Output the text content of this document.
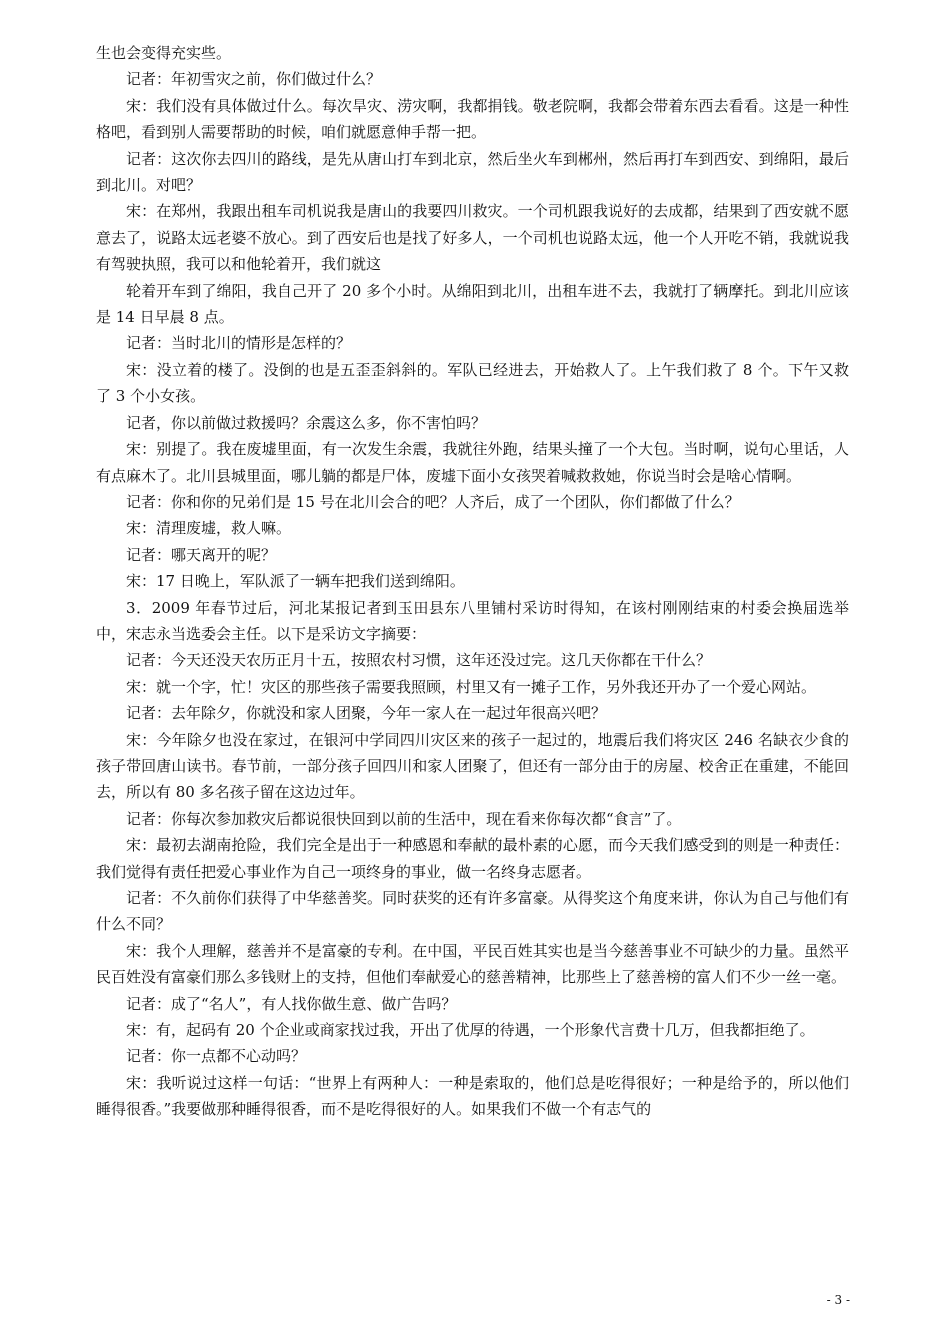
生也会变得充实些。

记者：年初雪灾之前，你们做过什么？

宋：我们没有具体做过什么。每次旱灾、涝灾啊，我都捐钱。敬老院啊，我都会带着东西去看看。这是一种性格吧，看到别人需要帮助的时候，咱们就愿意伸手帮一把。

记者：这次你去四川的路线，是先从唐山打车到北京，然后坐火车到郴州，然后再打车到西安、到绵阳，最后到北川。对吧？

宋：在郑州，我跟出租车司机说我是唐山的我要四川救灾。一个司机跟我说好的去成都，结果到了西安就不愿意去了，说路太远老婆不放心。到了西安后也是找了好多人，一个司机也说路太远，他一个人开吃不销，我就说我有驾驶执照，我可以和他轮着开，我们就这

轮着开车到了绵阳，我自己开了 20 多个小时。从绵阳到北川，出租车进不去，我就打了辆摩托。到北川应该是 14 日早晨 8 点。

记者：当时北川的情形是怎样的？

宋：没立着的楼了。没倒的也是五歪歪斜斜的。军队已经进去，开始救人了。上午我们救了 8 个。下午又救了 3 个小女孩。

记者，你以前做过救援吗？余震这么多，你不害怕吗？

宋：别提了。我在废墟里面，有一次发生余震，我就往外跑，结果头撞了一个大包。当时啊，说句心里话，人有点麻木了。北川县城里面，哪儿躺的都是尸体，废墟下面小女孩哭着喊救救她，你说当时会是啥心情啊。

记者：你和你的兄弟们是 15 号在北川会合的吧？人齐后，成了一个团队，你们都做了什么？

宋：清理废墟，救人嘛。

记者：哪天离开的呢？

宋：17 日晚上，军队派了一辆车把我们送到绵阳。

3．2009 年春节过后，河北某报记者到玉田县东八里铺村采访时得知，在该村刚刚结束的村委会换届选举中，宋志永当选委会主任。以下是采访文字摘要：

记者：今天还没天农历正月十五，按照农村习惯，这年还没过完。这几天你都在干什么？

宋：就一个字，忙！灾区的那些孩子需要我照顾，村里又有一摊子工作，另外我还开办了一个爱心网站。

记者：去年除夕，你就没和家人团聚，今年一家人在一起过年很高兴吧？

宋：今年除夕也没在家过，在银河中学同四川灾区来的孩子一起过的，地震后我们将灾区 246 名缺衣少食的孩子带回唐山读书。春节前，一部分孩子回四川和家人团聚了，但还有一部分由于的房屋、校舍正在重建，不能回去，所以有 80 多名孩子留在这边过年。

记者：你每次参加救灾后都说很快回到以前的生活中，现在看来你每次都“食言”了。

宋：最初去湖南抢险，我们完全是出于一种感恩和奉献的最朴素的心愿，而今天我们感受到的则是一种责任：我们觉得有责任把爱心事业作为自己一项终身的事业，做一名终身志愿者。

记者：不久前你们获得了中华慈善奖。同时获奖的还有许多富豪。从得奖这个角度来讲，你认为自己与他们有什么不同？

宋：我个人理解，慈善并不是富豪的专利。在中国，平民百姓其实也是当今慈善事业不可缺少的力量。虽然平民百姓没有富豪们那么多钱财上的支持，但他们奉献爱心的慈善精神，比那些上了慈善榜的富人们不少一丝一毫。

记者：成了“名人”，有人找你做生意、做广告吗？

宋：有，起码有 20 个企业或商家找过我，开出了优厚的待遇，一个形象代言费十几万，但我都拒绝了。

记者：你一点都不心动吗？

宋：我听说过这样一句话：“世界上有两种人：一种是索取的，他们总是吃得很好；一种是给予的，所以他们睡得很香。”我要做那种睡得很香，而不是吃得很好的人。如果我们不做一个有志气的

- 3 -
